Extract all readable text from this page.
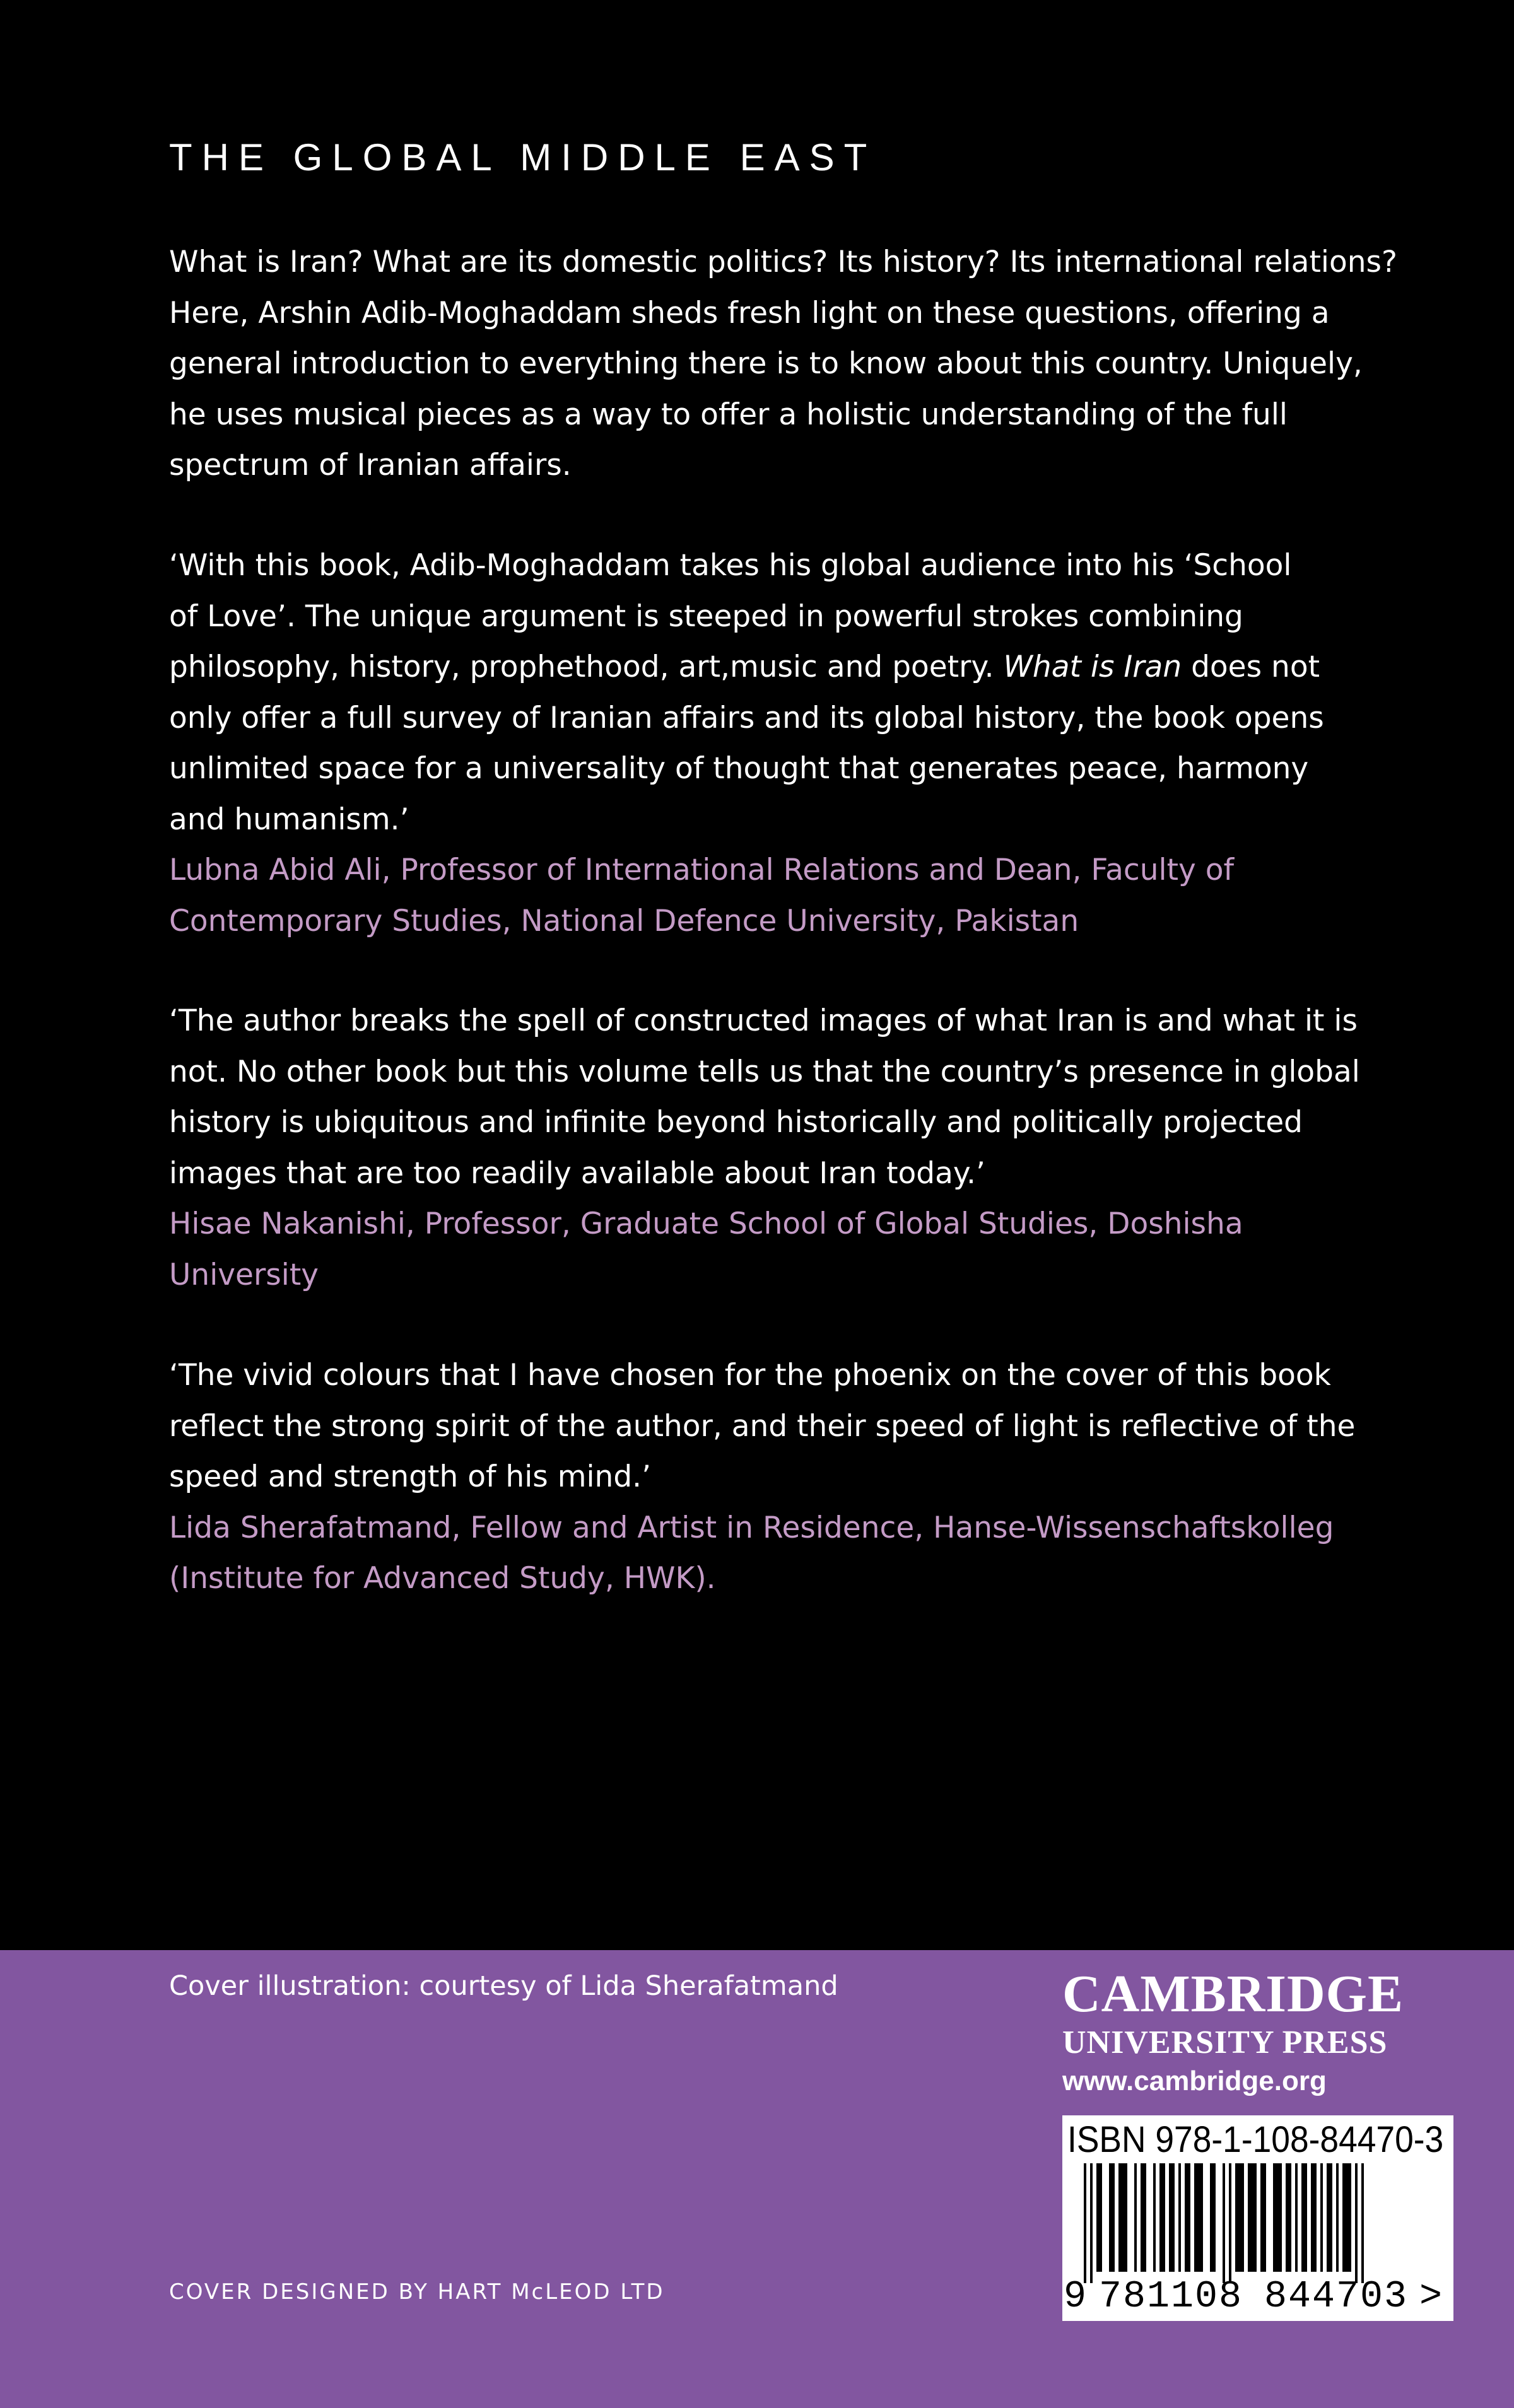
THE GLOBAL MIDDLE EAST
What is Iran? What are its domestic politics? Its history? Its international relations?
Here, Arshin Adib-Moghaddam sheds fresh light on these questions, offering a
general introduction to everything there is to know about this country. Uniquely,
he uses musical pieces as a way to offer a holistic understanding of the full
spectrum of Iranian affairs.
‘With this book, Adib-Moghaddam takes his global audience into his ‘School
of Love’. The unique argument is steeped in powerful strokes combining
philosophy, history, prophethood, art,music and poetry. What is Iran does not
only offer a full survey of Iranian affairs and its global history, the book opens
unlimited space for a universality of thought that generates peace, harmony
and humanism.’
Lubna Abid Ali, Professor of International Relations and Dean, Faculty of
Contemporary Studies, National Defence University, Pakistan
‘The author breaks the spell of constructed images of what Iran is and what it is
not. No other book but this volume tells us that the country’s presence in global
history is ubiquitous and infinite beyond historically and politically projected
images that are too readily available about Iran today.’
Hisae Nakanishi, Professor, Graduate School of Global Studies, Doshisha
University
‘The vivid colours that I have chosen for the phoenix on the cover of this book
reflect the strong spirit of the author, and their speed of light is reflective of the
speed and strength of his mind.’
Lida Sherafatmand, Fellow and Artist in Residence, Hanse-Wissenschaftskolleg
(Institute for Advanced Study, HWK).
Cover illustration: courtesy of Lida Sherafatmand
COVER DESIGNED BY HART McLEOD LTD
CAMBRIDGE
UNIVERSITY PRESS
www.cambridge.org
ISBN 978-1-108-84470-3
9 781108 844703 >
